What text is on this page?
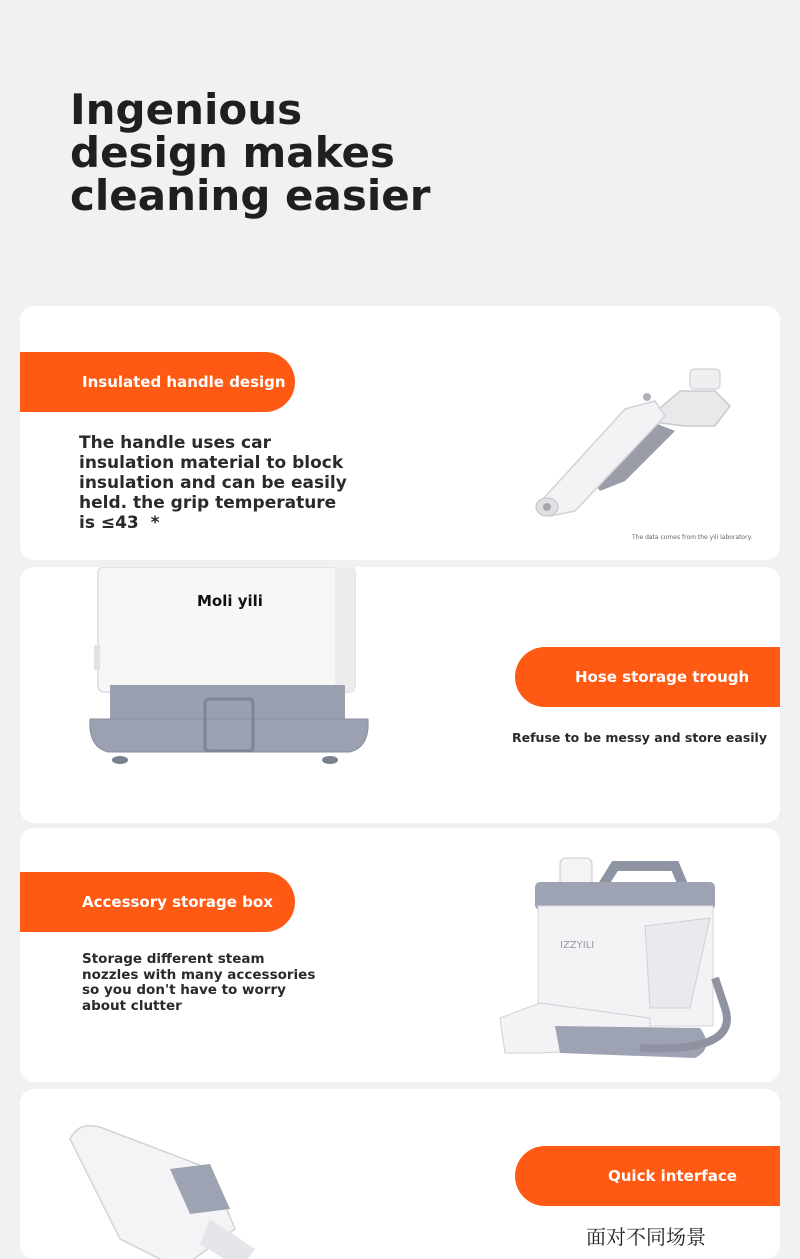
Ingenious
design makes
cleaning easier
Insulated handle design
The handle uses car insulation material to block insulation and can be easily held. the grip temperature is ≤43 ￼ *
The data comes from the yili laboratory.
Moli yili
Hose storage trough
Refuse to be messy and store easily
Accessory storage box
Storage different steam nozzles with many accessories so you don't have to worry about clutter
IZZYILI
Quick interface
面对不同场景
